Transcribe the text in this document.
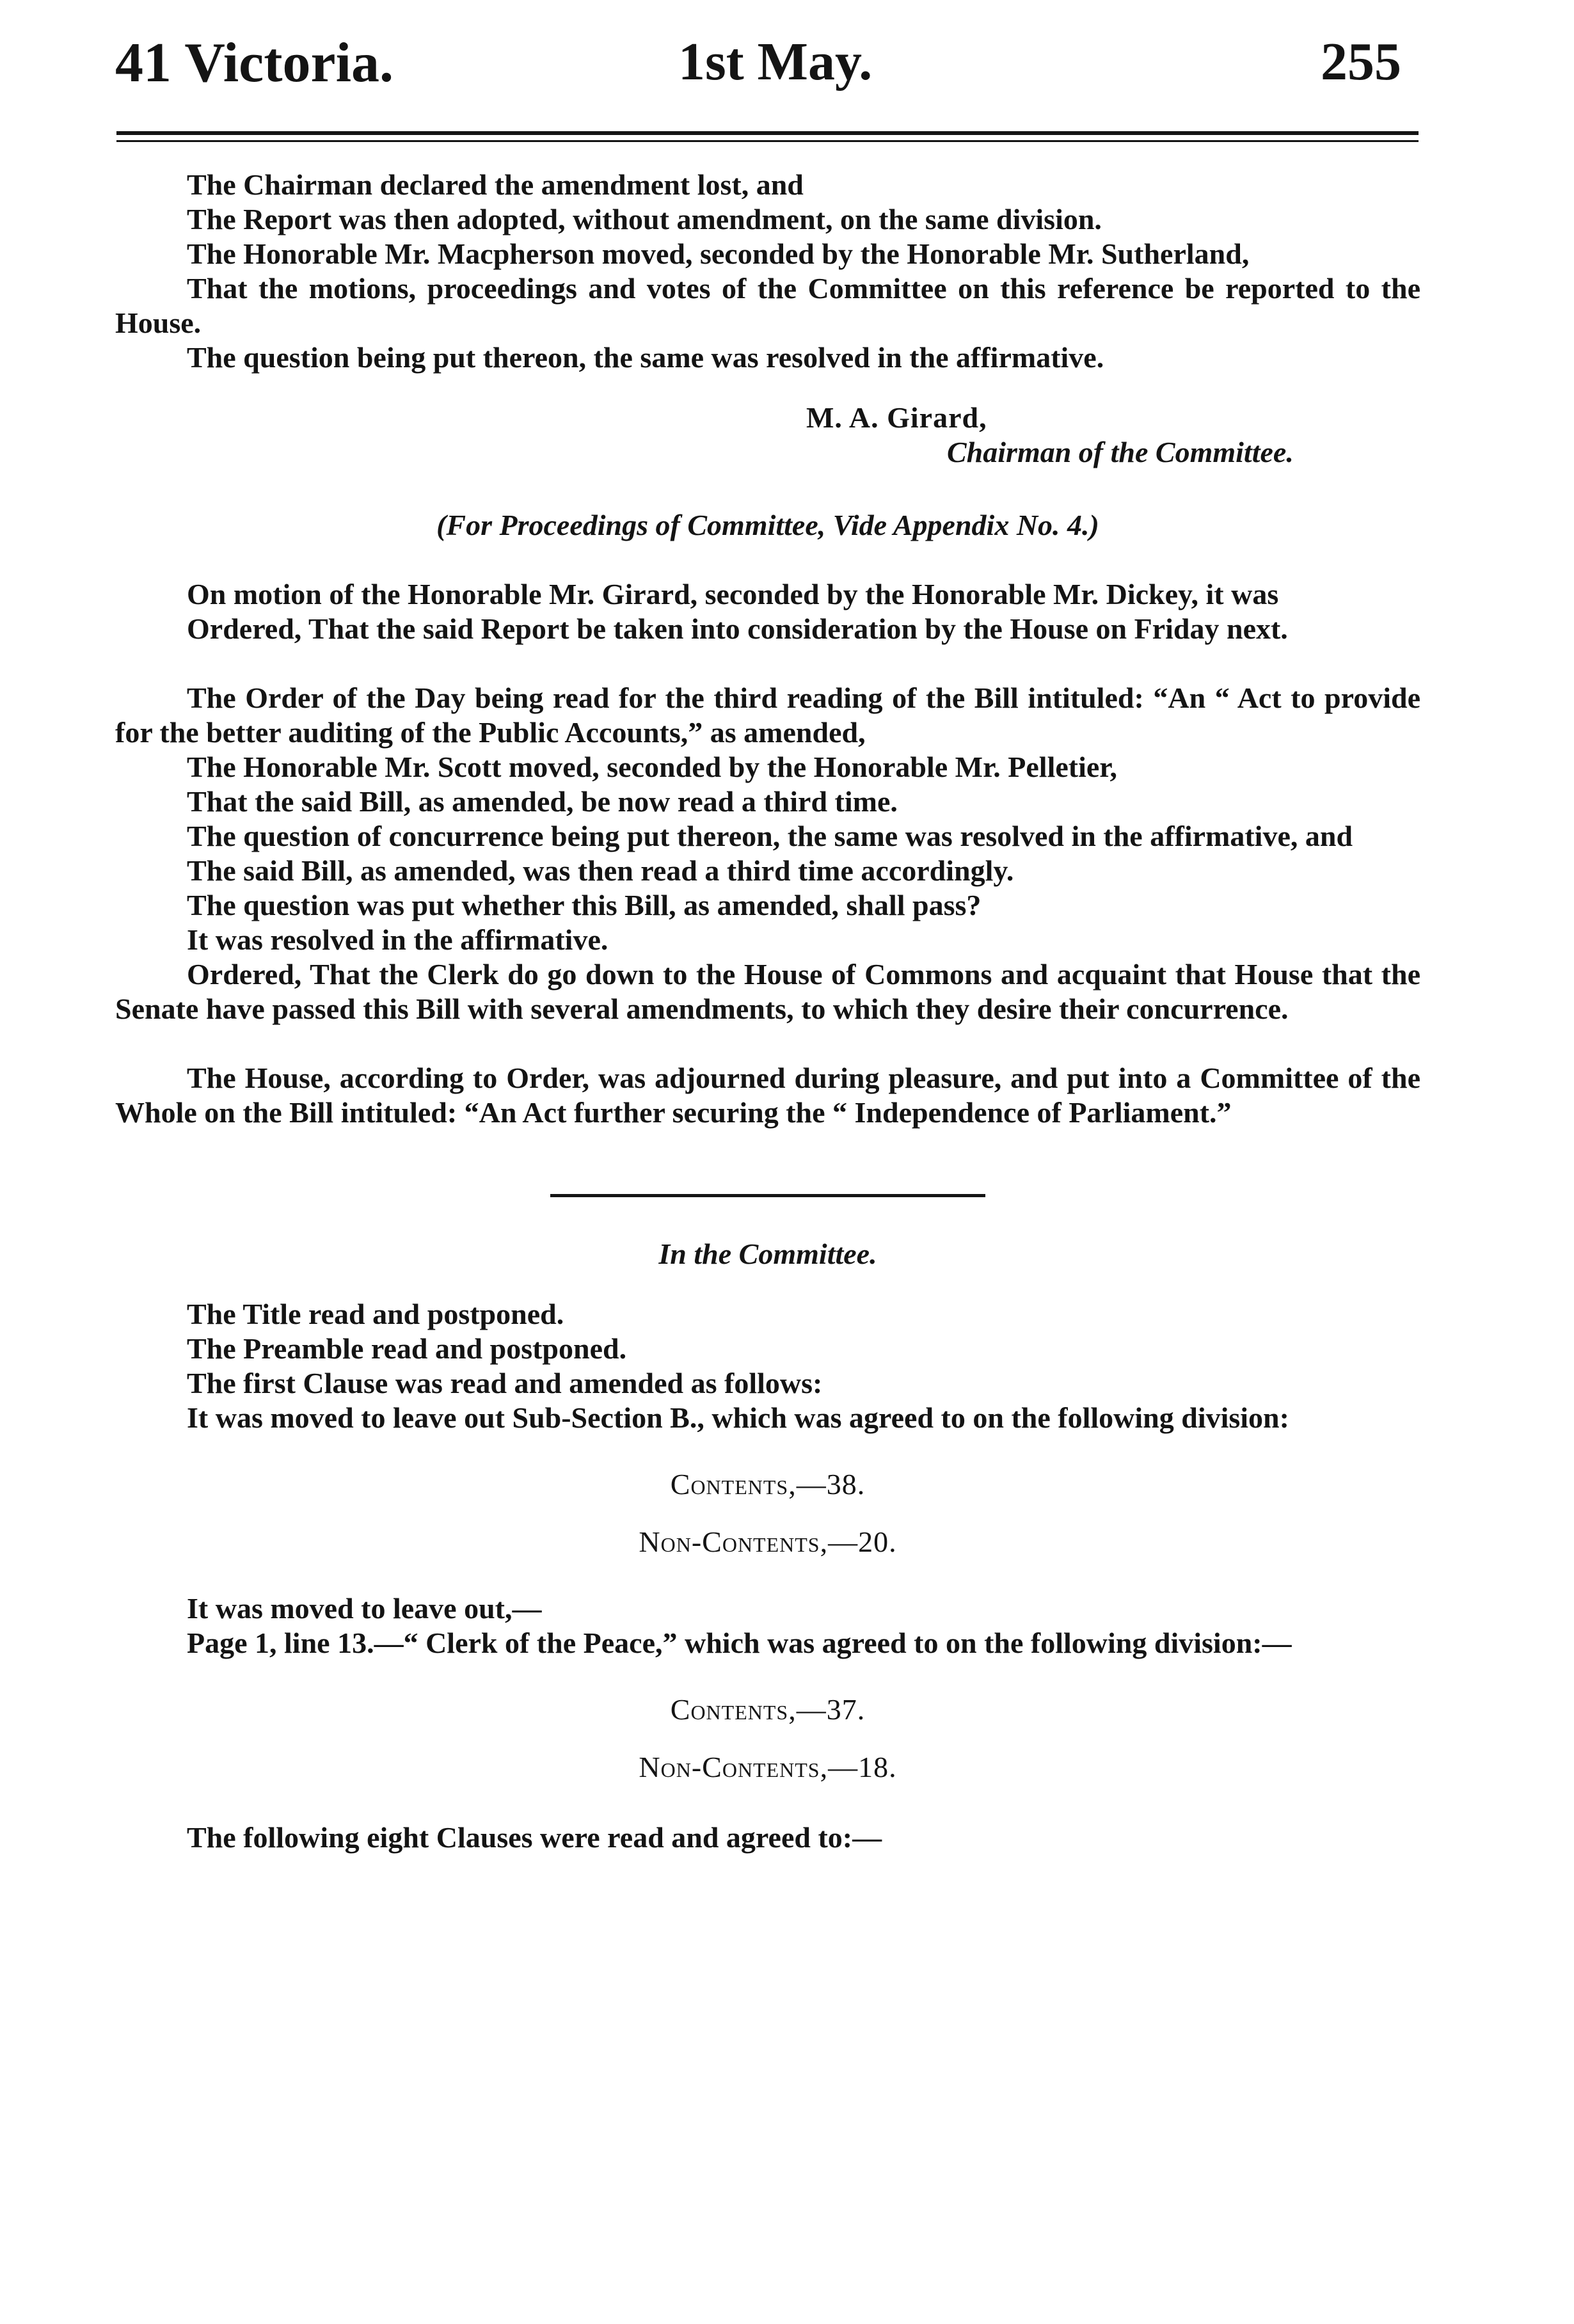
41 Victoria.	1st May.	255

The Chairman declared the amendment lost, and

The Report was then adopted, without amendment, on the same division.

The Honorable Mr. Macpherson moved, seconded by the Honorable Mr. Sutherland,

That the motions, proceedings and votes of the Committee on this reference be reported to the House.

The question being put thereon, the same was resolved in the affirmative.

M. A. Girard,
Chairman of the Committee.
(For Proceedings of Committee, Vide Appendix No. 4.)

On motion of the Honorable Mr. Girard, seconded by the Honorable Mr. Dickey, it was

Ordered, That the said Report be taken into consideration by the House on Friday next.

The Order of the Day being read for the third reading of the Bill intituled: “An “ Act to provide for the better auditing of the Public Accounts,” as amended,

The Honorable Mr. Scott moved, seconded by the Honorable Mr. Pelletier,

That the said Bill, as amended, be now read a third time.

The question of concurrence being put thereon, the same was resolved in the affirmative, and

The said Bill, as amended, was then read a third time accordingly.

The question was put whether this Bill, as amended, shall pass?

It was resolved in the affirmative.

Ordered, That the Clerk do go down to the House of Commons and acquaint that House that the Senate have passed this Bill with several amendments, to which they desire their concurrence.

The House, according to Order, was adjourned during pleasure, and put into a Committee of the Whole on the Bill intituled: “An Act further securing the “ Independence of Parliament.”

In the Committee.

The Title read and postponed.

The Preamble read and postponed.

The first Clause was read and amended as follows:

It was moved to leave out Sub-Section B., which was agreed to on the following division:

Contents,—38.
Non-Contents,—20.

It was moved to leave out,—

Page 1, line 13.—“ Clerk of the Peace,” which was agreed to on the following division:—

Contents,—37.
Non-Contents,—18.

The following eight Clauses were read and agreed to:—
